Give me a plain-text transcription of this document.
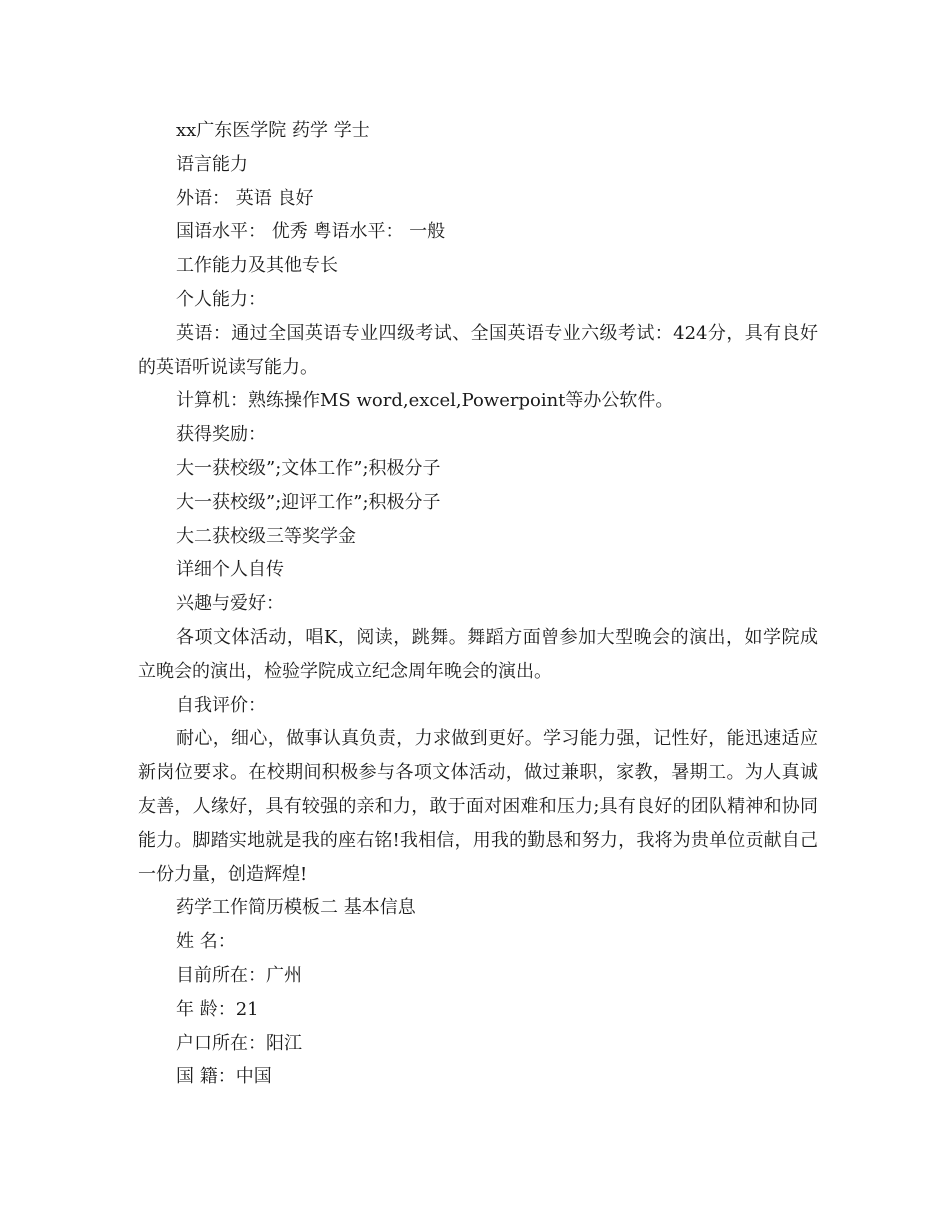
xx广东医学院 药学 学士

语言能力

外语： 英语 良好

国语水平： 优秀 粤语水平： 一般

工作能力及其他专长

个人能力：

英语：通过全国英语专业四级考试、全国英语专业六级考试：424分，具有良好的英语听说读写能力。

计算机：熟练操作MS word,excel,Powerpoint等办公软件。

获得奖励：

大一获校级”;文体工作”;积极分子

大一获校级”;迎评工作”;积极分子

大二获校级三等奖学金

详细个人自传

兴趣与爱好：

各项文体活动，唱K，阅读，跳舞。舞蹈方面曾参加大型晚会的演出，如学院成立晚会的演出，检验学院成立纪念周年晚会的演出。

自我评价：

耐心，细心，做事认真负责，力求做到更好。学习能力强，记性好，能迅速适应新岗位要求。在校期间积极参与各项文体活动，做过兼职，家教，暑期工。为人真诚友善，人缘好，具有较强的亲和力，敢于面对困难和压力;具有良好的团队精神和协同能力。脚踏实地就是我的座右铭!我相信，用我的勤恳和努力，我将为贵单位贡献自己一份力量，创造辉煌!

药学工作简历模板二 基本信息

姓 名：

目前所在：广州

年 龄：21

户口所在：阳江

国 籍：中国
